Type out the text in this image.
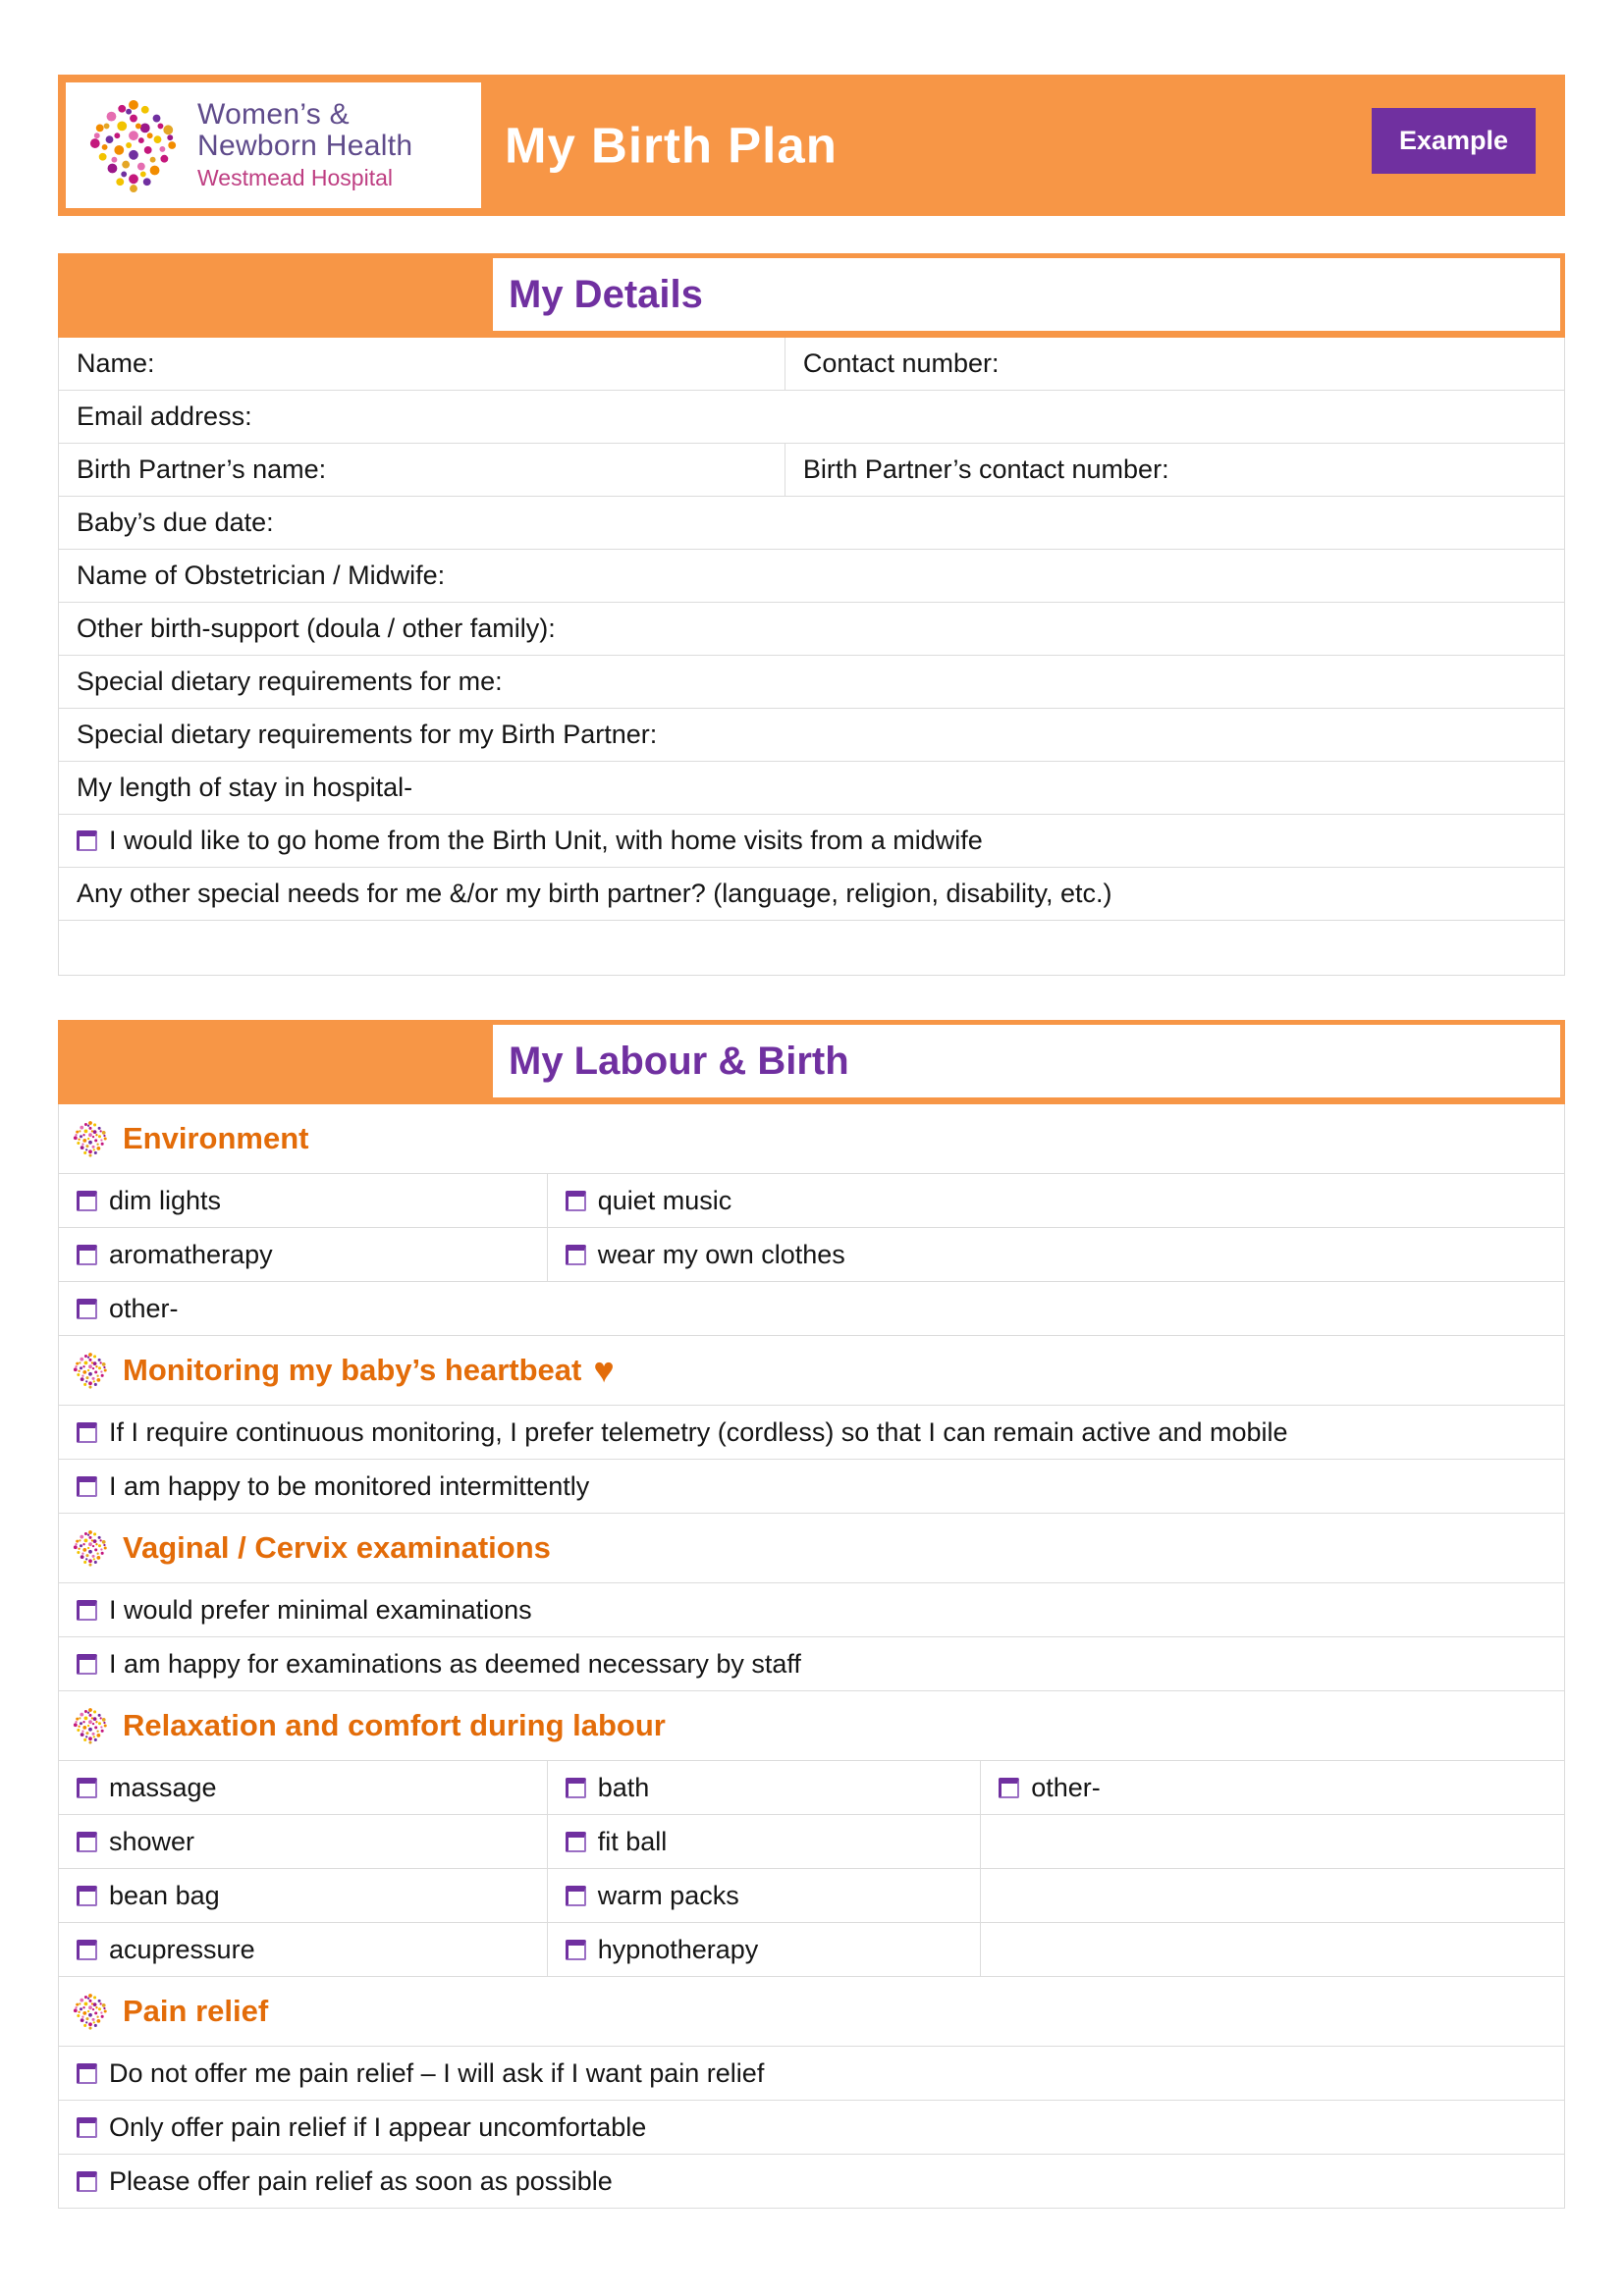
Women’s &
Newborn Health
Westmead Hospital
My Birth Plan	Example
My Details
Name:	Contact number:
Email address:
Birth Partner’s name:	Birth Partner’s contact number:
Baby’s due date:
Name of Obstetrician / Midwife:
Other birth-support (doula / other family):
Special dietary requirements for me:
Special dietary requirements for my Birth Partner:
My length of stay in hospital-
I would like to go home from the Birth Unit, with home visits from a midwife
Any other special needs for me &/or my birth partner? (language, religion, disability, etc.)
My Labour & Birth
Environment
dim lights	quiet music
aromatherapy	wear my own clothes
other-
Monitoring my baby’s heartbeat ♥
If I require continuous monitoring, I prefer telemetry (cordless) so that I can remain active and mobile
I am happy to be monitored intermittently
Vaginal / Cervix examinations
I would prefer minimal examinations
I am happy for examinations as deemed necessary by staff
Relaxation and comfort during labour
massage	bath	other-
shower	fit ball
bean bag	warm packs
acupressure	hypnotherapy
Pain relief
Do not offer me pain relief – I will ask if I want pain relief
Only offer pain relief if I appear uncomfortable
Please offer pain relief as soon as possible
